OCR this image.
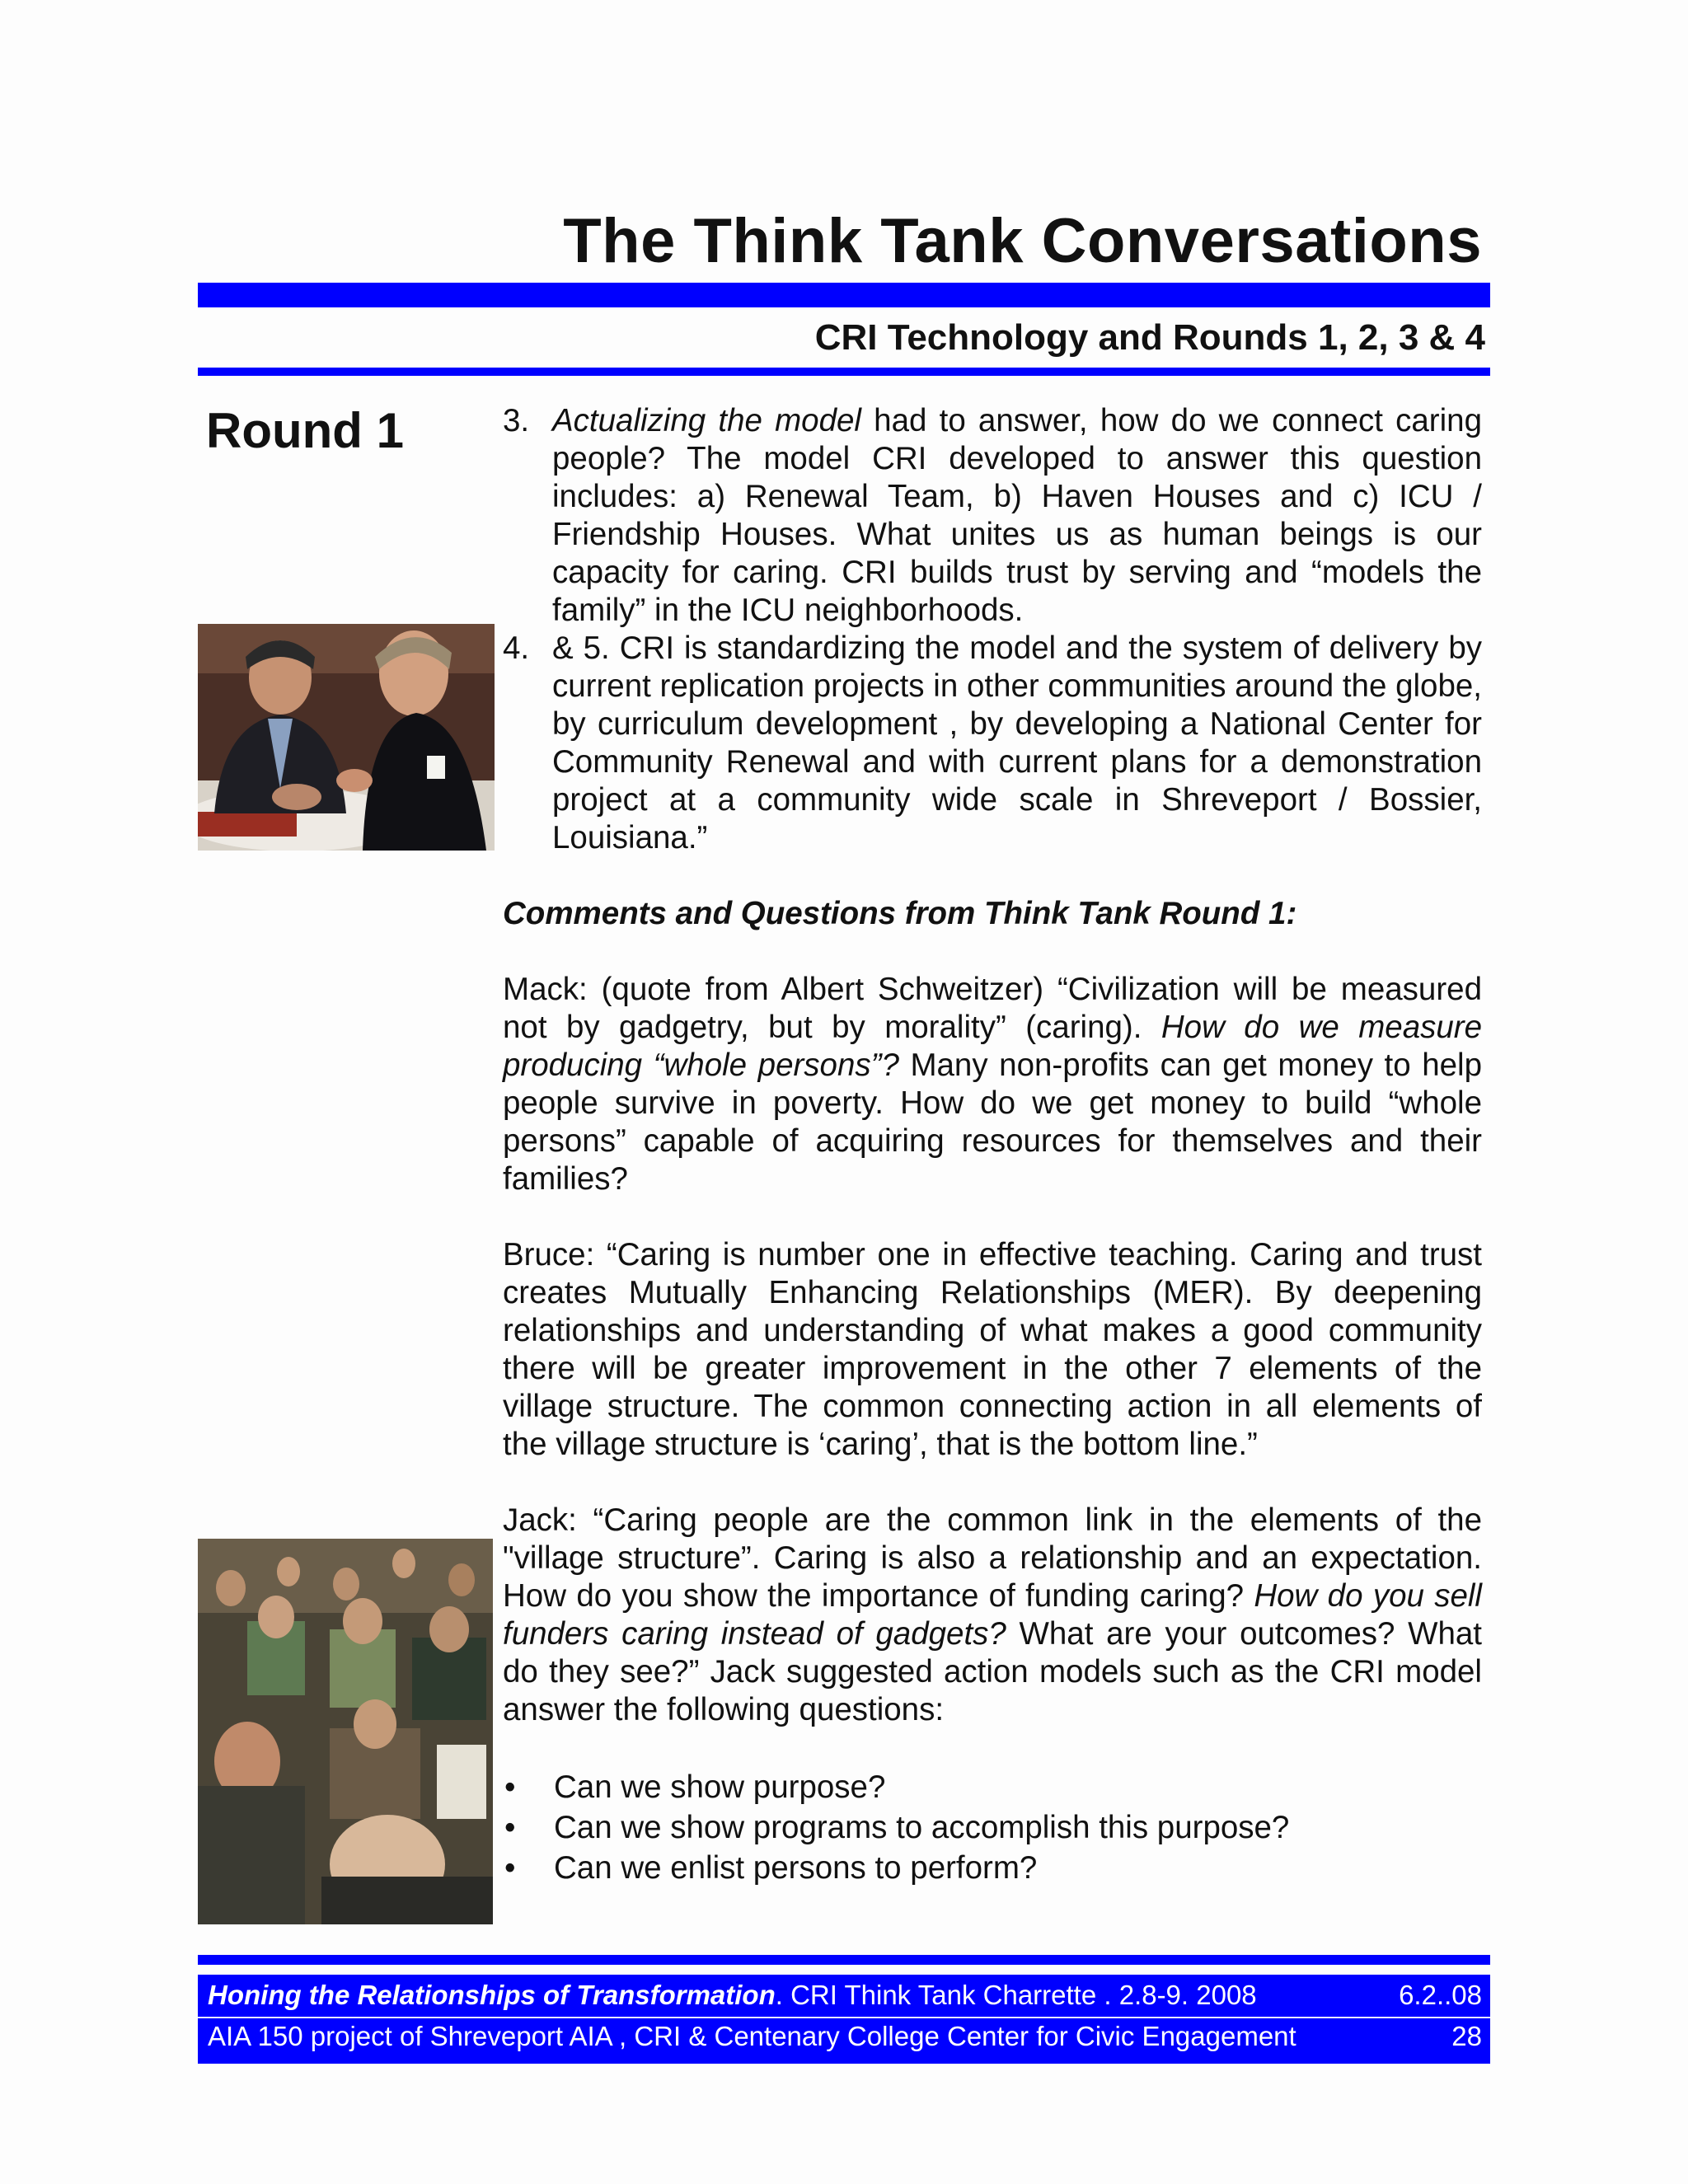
The Think Tank Conversations
CRI Technology and Rounds 1, 2, 3 & 4
Round 1	3. Actualizing the model had to answer, how do we connect caring people? The model CRI developed to answer this question includes: a) Renewal Team, b) Haven Houses and c) ICU / Friendship Houses. What unites us as human beings is our capacity for caring. CRI builds trust by serving and “models the family” in the ICU neighborhoods.
4. & 5. CRI is standardizing the model and the system of delivery by current replication projects in other communities around the globe, by curriculum development , by developing a National Center for Community Renewal and with current plans for a demonstration project at a community wide scale in Shreveport / Bossier, Louisiana.”

Comments and Questions from Think Tank Round 1:

Mack: (quote from Albert Schweitzer) “Civilization will be measured not by gadgetry, but by morality” (caring). How do we measure producing “whole persons”? Many non-profits can get money to help people survive in poverty. How do we get money to build “whole persons” capable of acquiring resources for themselves and their families?

Bruce: “Caring is number one in effective teaching. Caring and trust creates Mutually Enhancing Relationships (MER). By deepening relationships and understanding of what makes a good community there will be greater improvement in the other 7 elements of the village structure. The common connecting action in all elements of the village structure is ‘caring’, that is the bottom line.”

Jack: “Caring people are the common link in the elements of the "village structure”. Caring is also a relationship and an expectation. How do you show the importance of funding caring? How do you sell funders caring instead of gadgets? What are your outcomes? What do they see?” Jack suggested action models such as the CRI model answer the following questions:

•	Can we show purpose?
•	Can we show programs to accomplish this purpose?
•	Can we enlist persons to perform?
Honing the Relationships of Transformation. CRI Think Tank Charrette . 2.8-9. 2008	6.2..08
AIA 150 project of Shreveport AIA , CRI & Centenary College Center for Civic Engagement	28
